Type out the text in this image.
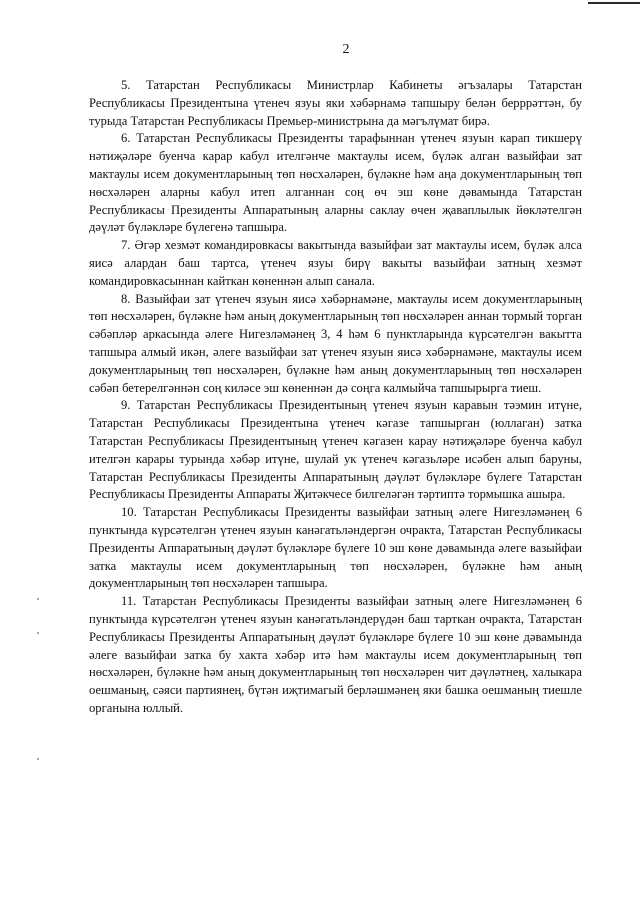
2

5. Татарстан Республикасы Министрлар Кабинеты әгъзалары Татарстан Республикасы Президентына үтенеч язуы яки хәбәрнамә тапшыру белән берррәттән, бу турыда Татарстан Республикасы Премьер-министрына да мәгълүмат бирә.

6. Татарстан Республикасы Президенты тарафыннан үтенеч язуын карап тикшерү нәтиҗәләре буенча карар кабул ителгәнче мактаулы исем, бүләк алган вазыйфаи зат мактаулы исем документларының төп нөсхәләрен, бүләкне һәм аңа документларының төп нөсхәләрен аларны кабул итеп алганнан соң өч эш көне дәвамында Татарстан Республикасы Президенты Аппаратының аларны саклау өчен җаваплылык йөкләтелгән дәүләт бүләкләре бүлегенә тапшыра.

7. Әгәр хезмәт командировкасы вакытында вазыйфаи зат мактаулы исем, бүләк алса яисә алардан баш тартса, үтенеч язуы бирү вакыты вазыйфаи затның хезмәт командировкасыннан кайткан көненнән алып санала.

8. Вазыйфаи зат үтенеч язуын яисә хәбәрнамәне, мактаулы исем документларының төп нөсхәләрен, бүләкне һәм аның документларының төп нөсхәләрен аннан тормый торган сәбәпләр аркасында әлеге Нигезләмәнең 3, 4 һәм 6 пунктларында күрсәтелгән вакытта тапшыра алмый икән, әлеге вазыйфаи зат үтенеч язуын яисә хәбәрнамәне, мактаулы исем документларының төп нөсхәләрен, бүләкне һәм аның документларының төп нөсхәләрен сәбәп бетерелгәннән соң киләсе эш көненнән дә соңга калмыйча тапшырырга тиеш.

9. Татарстан Республикасы Президентының үтенеч язуын каравын тәэмин итүне, Татарстан Республикасы Президентына үтенеч кәгазе тапшырган (юллаган) затка Татарстан Республикасы Президентының үтенеч кәгазен карау нәтиҗәләре буенча кабул ителгән карары турында хәбәр итүне, шулай ук үтенеч кәгазьләре исәбен алып баруны, Татарстан Республикасы Президенты Аппаратының дәүләт бүләкләре бүлеге Татарстан Республикасы Президенты Аппараты Җитәкчесе билгеләгән тәртиптә тормышка ашыра.

10. Татарстан Республикасы Президенты вазыйфаи затның әлеге Нигезләмәнең 6 пунктында күрсәтелгән үтенеч язуын канәгатьләндергән очракта, Татарстан Республикасы Президенты Аппаратының дәүләт бүләкләре бүлеге 10 эш көне дәвамында әлеге вазыйфаи затка мактаулы исем документларының төп нөсхәләрен, бүләкне һәм аның документларының төп нөсхәләрен тапшыра.

11. Татарстан Республикасы Президенты вазыйфаи затның әлеге Нигезләмәнең 6 пунктында күрсәтелгән үтенеч язуын канәгатьләндерүдән баш тарткан очракта, Татарстан Республикасы Президенты Аппаратының дәүләт бүләкләре бүлеге 10 эш көне дәвамында әлеге вазыйфаи затка бу хакта хәбәр итә һәм мактаулы исем документларының төп нөсхәләрен, бүләкне һәм аның документларының төп нөсхәләрен чит дәүләтнең, халыкара оешманың, сәяси партиянең, бүтән иҗтимагый берләшмәнең яки башка оешманың тиешле органына юллый.
